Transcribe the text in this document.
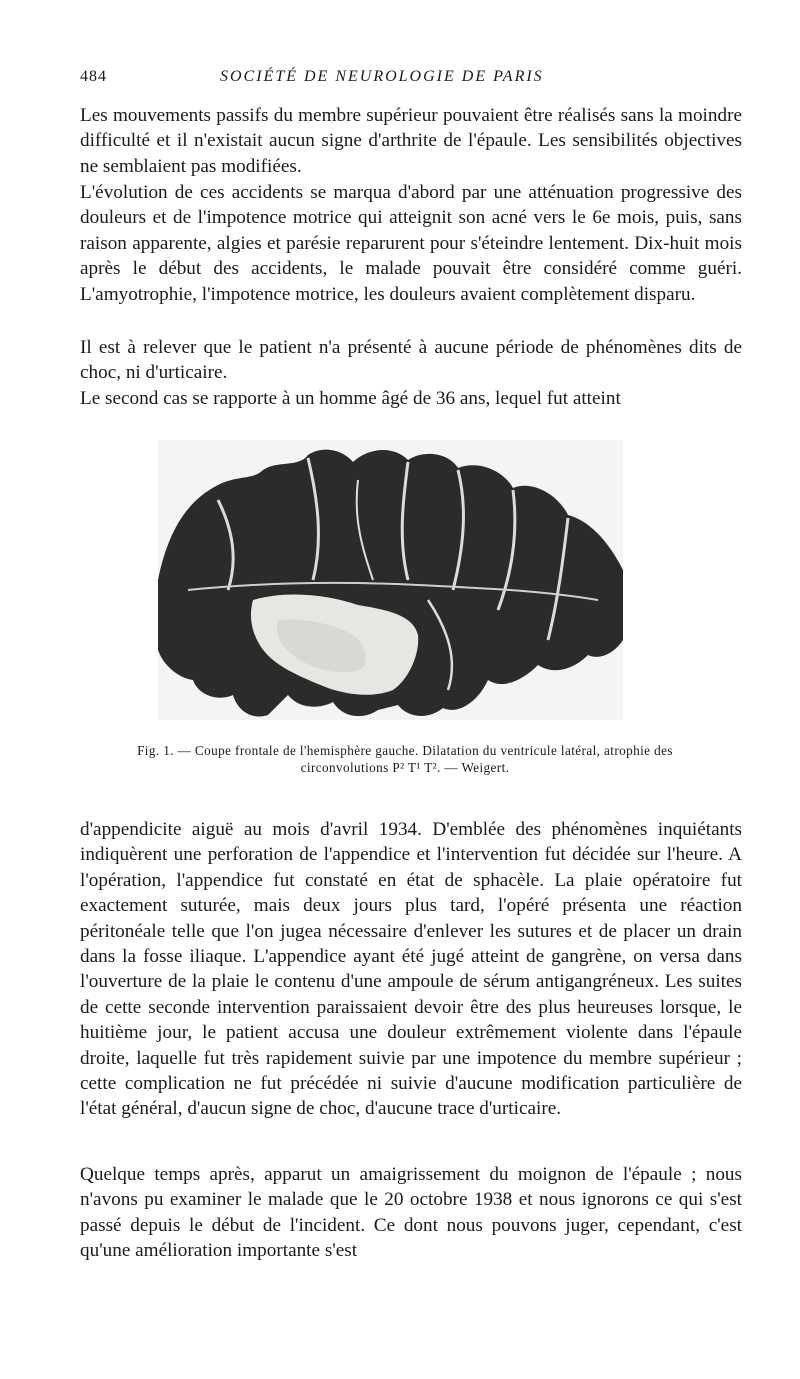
484	SOCIÉTÉ DE NEUROLOGIE DE PARIS

Les mouvements passifs du membre supérieur pouvaient être réalisés sans la moindre difficulté et il n'existait aucun signe d'arthrite de l'épaule. Les sensibilités objectives ne semblaient pas modifiées.

L'évolution de ces accidents se marqua d'abord par une atténuation progressive des douleurs et de l'impotence motrice qui atteignit son acné vers le 6e mois, puis, sans raison apparente, algies et parésie reparurent pour s'éteindre lentement. Dix-huit mois après le début des accidents, le malade pouvait être considéré comme guéri. L'amyotrophie, l'impotence motrice, les douleurs avaient complètement disparu.

Il est à relever que le patient n'a présenté à aucune période de phénomènes dits de choc, ni d'urticaire.

Le second cas se rapporte à un homme âgé de 36 ans, lequel fut atteint

Fig. 1. — Coupe frontale de l'hemisphère gauche. Dilatation du ventricule latéral, atrophie des circonvolutions P² T¹ T². — Weigert.

d'appendicite aiguë au mois d'avril 1934. D'emblée des phénomènes inquiétants indiquèrent une perforation de l'appendice et l'intervention fut décidée sur l'heure. A l'opération, l'appendice fut constaté en état de sphacèle. La plaie opératoire fut exactement suturée, mais deux jours plus tard, l'opéré présenta une réaction péritonéale telle que l'on jugea nécessaire d'enlever les sutures et de placer un drain dans la fosse iliaque. L'appendice ayant été jugé atteint de gangrène, on versa dans l'ouverture de la plaie le contenu d'une ampoule de sérum antigangréneux. Les suites de cette seconde intervention paraissaient devoir être des plus heureuses lorsque, le huitième jour, le patient accusa une douleur extrêmement violente dans l'épaule droite, laquelle fut très rapidement suivie par une impotence du membre supérieur ; cette complication ne fut précédée ni suivie d'aucune modification particulière de l'état général, d'aucun signe de choc, d'aucune trace d'urticaire.

Quelque temps après, apparut un amaigrissement du moignon de l'épaule ; nous n'avons pu examiner le malade que le 20 octobre 1938 et nous ignorons ce qui s'est passé depuis le début de l'incident. Ce dont nous pouvons juger, cependant, c'est qu'une amélioration importante s'est
